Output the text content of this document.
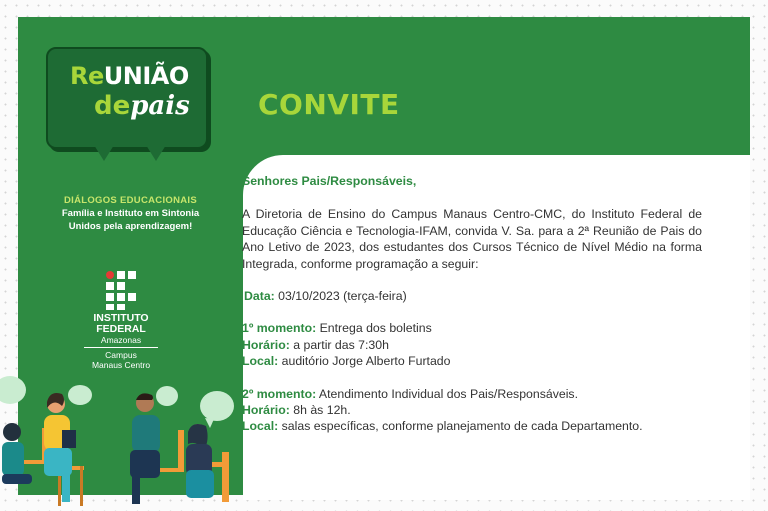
ReUNIÃO
depais CONVITE
DIÁLOGOS EDUCACIONAIS
Família e Instituto em Sintonia
Unidos pela aprendizagem!
INSTITUTO
FEDERAL
Amazonas
Campus
Manaus Centro

Senhores Pais/Responsáveis,

A Diretoria de Ensino do Campus Manaus Centro-CMC, do Instituto Federal de Educação Ciência e Tecnologia-IFAM, convida V. Sa. para a 2ª Reunião de Pais do Ano Letivo de 2023, dos estudantes dos Cursos Técnico de Nível Médio na forma Integrada, conforme programação a seguir:

Data: 03/10/2023 (terça-feira)

1º momento: Entrega dos boletins

Horário: a partir das 7:30h

Local: auditório Jorge Alberto Furtado

2º momento: Atendimento Individual dos Pais/Responsáveis.

Horário: 8h às 12h.

Local: salas específicas, conforme planejamento de cada Departamento.
